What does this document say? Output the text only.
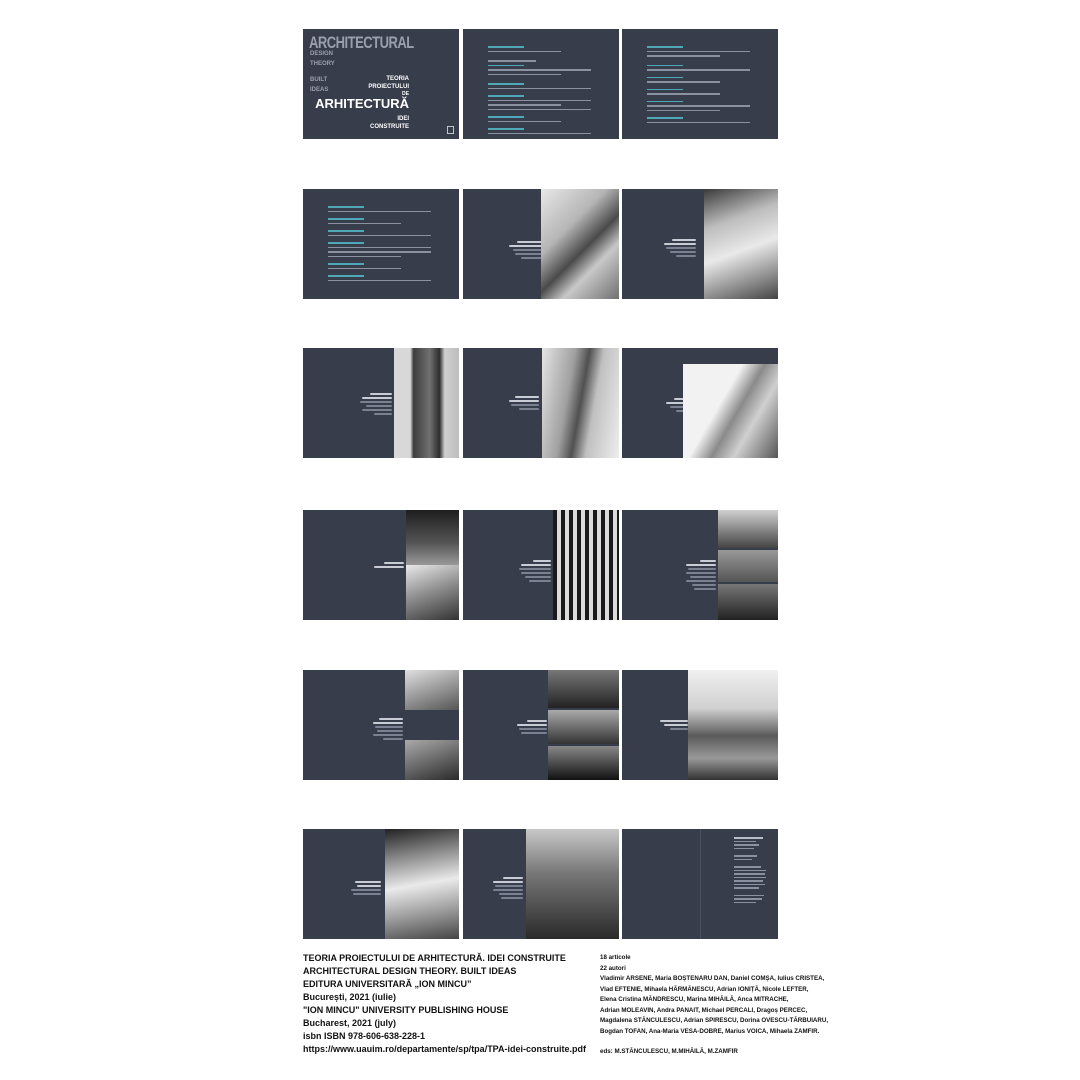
ARCHITECTURAL
DESIGN
THEORY
BUILT
IDEAS
TEORIA
PROIECTULUI
DE
ARHITECTURĂ
IDEI
CONSTRUITE
TEORIA PROIECTULUI DE ARHITECTURĂ. IDEI CONSTRUITE
ARCHITECTURAL DESIGN THEORY. BUILT IDEAS
EDITURA UNIVERSITARĂ „ION MINCU”
București, 2021 (iulie)
"ION MINCU" UNIVERSITY PUBLISHING HOUSE
Bucharest, 2021 (july)
isbn ISBN 978-606-638-228-1
https://www.uauim.ro/departamente/sp/tpa/TPA-idei-construite.pdf
18 articole
22 autori
Vladimir ARSENE, Maria BOȘTENARU DAN, Daniel COMȘA, Iulius CRISTEA,
Vlad EFTENIE, Mihaela HĂRMĂNESCU, Adrian IONIȚĂ, Nicole LEFTER,
Elena Cristina MĂNDRESCU, Marina MIHĂILĂ, Anca MITRACHE,
Adrian MOLEAVIN, Andra PANAIT, Michael PERCALI, Dragoș PERCEC,
Magdalena STĂNCULESCU, Adrian SPIRESCU, Dorina OVESCU-TĂRBUIARU,
Bogdan TOFAN, Ana-Maria VESA-DOBRE, Marius VOICA, Mihaela ZAMFIR.
eds: M.STĂNCULESCU, M.MIHĂILĂ, M.ZAMFIR
